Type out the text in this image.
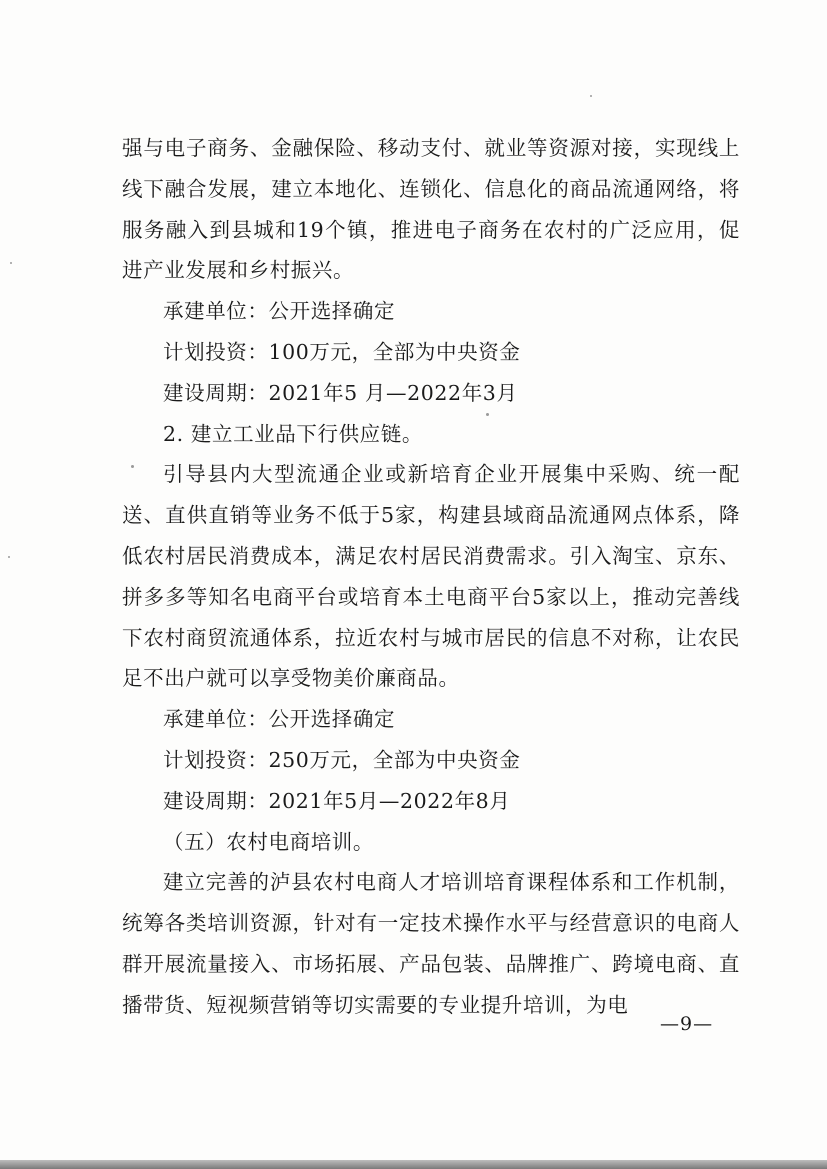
强与电子商务、金融保险、移动支付、就业等资源对接，实现线上线下融合发展，建立本地化、连锁化、信息化的商品流通网络，将服务融入到县城和19个镇，推进电子商务在农村的广泛应用，促进产业发展和乡村振兴。

承建单位：公开选择确定

计划投资：100万元，全部为中央资金

建设周期：2021年5 月—2022年3月

2. 建立工业品下行供应链。

引导县内大型流通企业或新培育企业开展集中采购、统一配送、直供直销等业务不低于5家，构建县域商品流通网点体系，降低农村居民消费成本，满足农村居民消费需求。引入淘宝、京东、拼多多等知名电商平台或培育本土电商平台5家以上，推动完善线下农村商贸流通体系，拉近农村与城市居民的信息不对称，让农民足不出户就可以享受物美价廉商品。

承建单位：公开选择确定

计划投资：250万元，全部为中央资金

建设周期：2021年5月—2022年8月

（五）农村电商培训。

建立完善的泸县农村电商人才培训培育课程体系和工作机制，统筹各类培训资源，针对有一定技术操作水平与经营意识的电商人群开展流量接入、市场拓展、产品包装、品牌推广、跨境电商、直播带货、短视频营销等切实需要的专业提升培训，为电

—9—
